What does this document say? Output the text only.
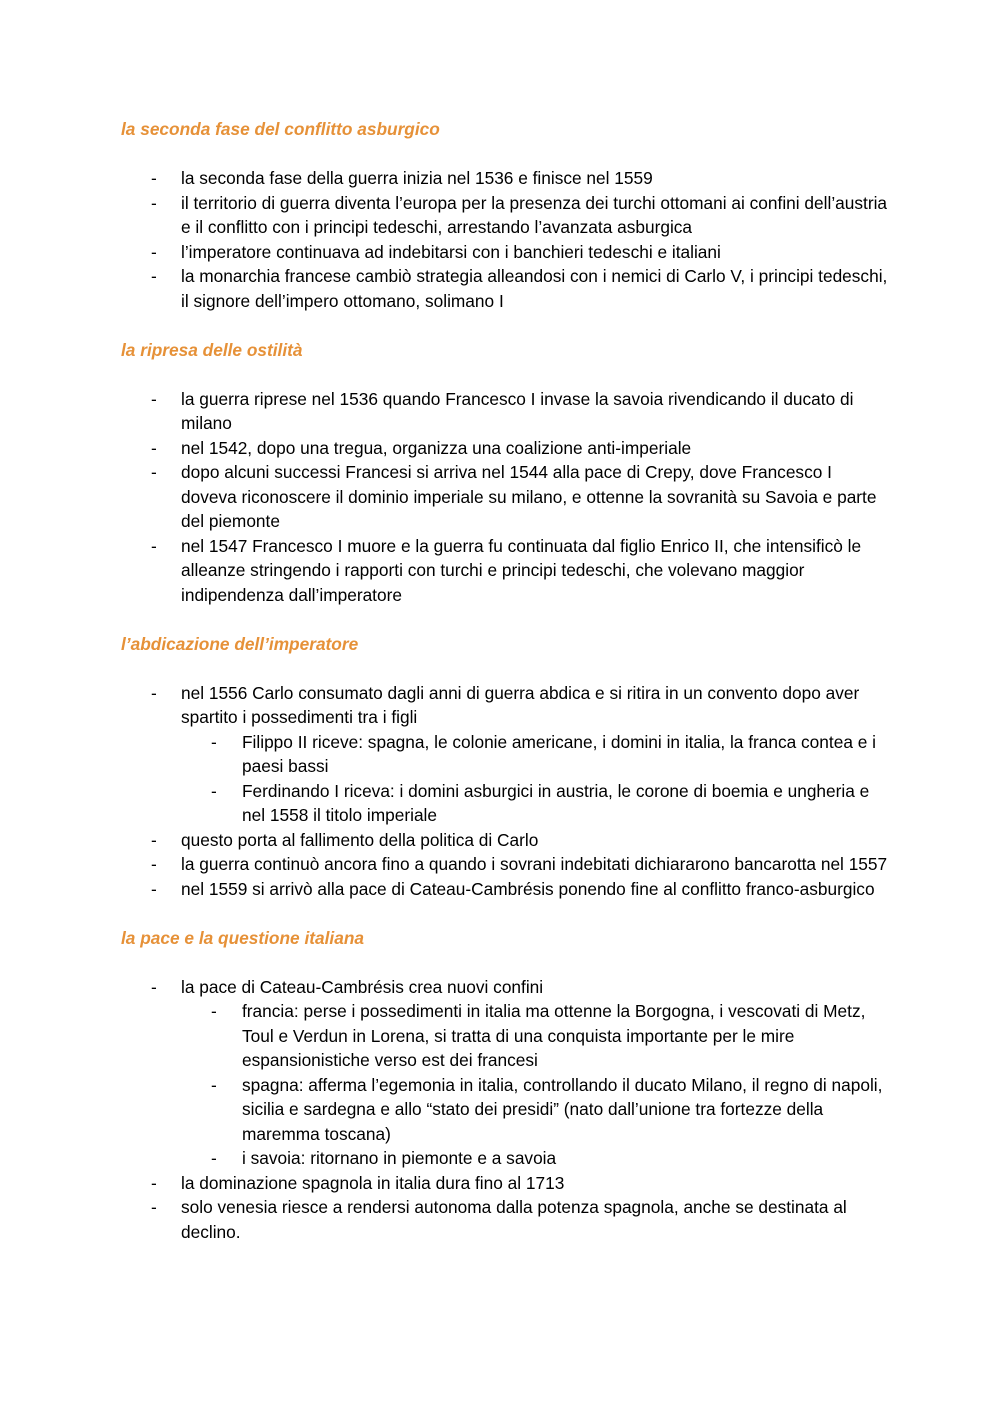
la seconda fase del conflitto asburgico
- la seconda fase della guerra inizia nel 1536 e finisce nel 1559
- il territorio di guerra diventa l’europa per la presenza dei turchi ottomani ai confini dell’austria e il conflitto con i principi tedeschi, arrestando l’avanzata asburgica
- l’imperatore continuava ad indebitarsi con i banchieri tedeschi e italiani
- la monarchia francese cambiò strategia alleandosi con i nemici di Carlo V, i principi tedeschi, il signore dell’impero ottomano, solimano I
la ripresa delle ostilità
- la guerra riprese nel 1536 quando Francesco I invase la savoia rivendicando il ducato di milano
- nel 1542, dopo una tregua, organizza una coalizione anti-imperiale
- dopo alcuni successi Francesi si arriva nel 1544 alla pace di Crepy, dove Francesco I doveva riconoscere il dominio imperiale su milano, e ottenne la sovranità su Savoia e parte del piemonte
- nel 1547 Francesco I muore e la guerra fu continuata dal figlio Enrico II, che intensificò le alleanze stringendo i rapporti con turchi e principi tedeschi, che volevano maggior indipendenza dall’imperatore
l’abdicazione dell’imperatore
- nel 1556 Carlo consumato dagli anni di guerra abdica e si ritira in un convento dopo aver spartito i possedimenti tra i figli
- Filippo II riceve: spagna, le colonie americane, i domini in italia, la franca contea e i paesi bassi
- Ferdinando I riceva: i domini asburgici in austria, le corone di boemia e ungheria e nel 1558 il titolo imperiale
- questo porta al fallimento della politica di Carlo
- la guerra continuò ancora fino a quando i sovrani indebitati dichiararono bancarotta nel 1557
- nel 1559 si arrivò alla pace di Cateau-Cambrésis ponendo fine al conflitto franco-asburgico
la pace e la questione italiana
- la pace di Cateau-Cambrésis crea nuovi confini
- francia: perse i possedimenti in italia ma ottenne la Borgogna, i vescovati di Metz, Toul e Verdun in Lorena, si tratta di una conquista importante per le mire espansionistiche verso est dei francesi
- spagna: afferma l’egemonia in italia, controllando il ducato Milano, il regno di napoli, sicilia e sardegna e allo “stato dei presidi” (nato dall’unione tra fortezze della maremma toscana)
- i savoia: ritornano in piemonte e a savoia
- la dominazione spagnola in italia dura fino al 1713
- solo venesia riesce a rendersi autonoma dalla potenza spagnola, anche se destinata al declino.
